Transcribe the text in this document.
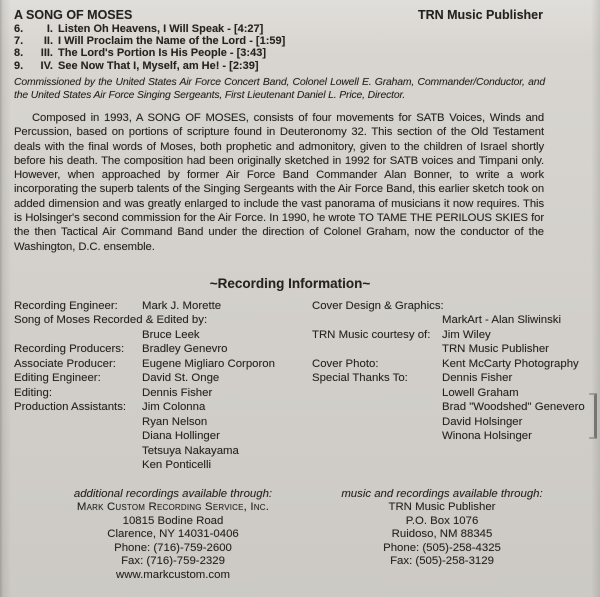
A SONG OF MOSES	TRN Music Publisher
6.	I. Listen Oh Heavens, I Will Speak - [4:27]
7.	II. I Will Proclaim the Name of the Lord - [1:59]
8.	III. The Lord's Portion Is His People - [3:43]
9.	IV. See Now That I, Myself, am He! - [2:39]
Commissioned by the United States Air Force Concert Band, Colonel Lowell E. Graham, Commander/Conductor, and the United States Air Force Singing Sergeants, First Lieutenant Daniel L. Price, Director.
Composed in 1993, A SONG OF MOSES, consists of four movements for SATB Voices, Winds and Percussion, based on portions of scripture found in Deuteronomy 32. This section of the Old Testament deals with the final words of Moses, both prophetic and admonitory, given to the children of Israel shortly before his death. The composition had been originally sketched in 1992 for SATB voices and Timpani only. However, when approached by former Air Force Band Commander Alan Bonner, to write a work incorporating the superb talents of the Singing Sergeants with the Air Force Band, this earlier sketch took on added dimension and was greatly enlarged to include the vast panorama of musicians it now requires. This is Holsinger's second commission for the Air Force. In 1990, he wrote TO TAME THE PERILOUS SKIES for the then Tactical Air Command Band under the direction of Colonel Graham, now the conductor of the Washington, D.C. ensemble.
~Recording Information~
Recording Engineer:	Mark J. Morette
Song of Moses Recorded & Edited by:
Bruce Leek
Recording Producers:	Bradley Genevro
Associate Producer:	Eugene Migliaro Corporon
Editing Engineer:	David St. Onge
Editing:	Dennis Fisher
Production Assistants:	Jim Colonna
Ryan Nelson
Diana Hollinger
Tetsuya Nakayama
Ken Ponticelli
Cover Design & Graphics:
MarkArt - Alan Sliwinski
TRN Music courtesy of:	Jim Wiley
TRN Music Publisher
Cover Photo:	Kent McCarty Photography
Special Thanks To:	Dennis Fisher
Lowell Graham
Brad "Woodshed" Genevero
David Holsinger
Winona Holsinger
additional recordings available through:
Mark Custom Recording Service, Inc.
10815 Bodine Road
Clarence, NY 14031-0406
Phone: (716)-759-2600
Fax: (716)-759-2329
www.markcustom.com
music and recordings available through:
TRN Music Publisher
P.O. Box 1076
Ruidoso, NM 88345
Phone: (505)-258-4325
Fax: (505)-258-3129
